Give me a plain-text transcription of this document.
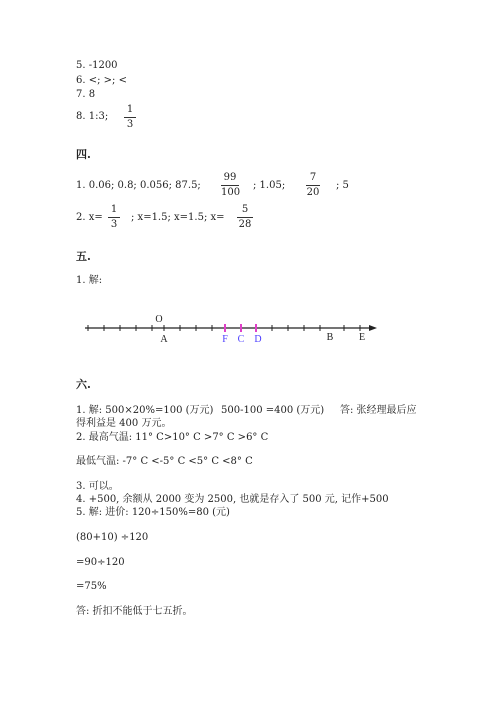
5. -1200
6. <; >; <
7. 8
8. 1:3;
1
3
四.
1. 0.06; 0.8; 0.056; 87.5;
99
100
; 1.05;
7
20
; 5
2. x=
1
3
; x=1.5; x=1.5; x=
5
28
五.
1. 解:
O
A	F C D	B	E
六.
1. 解: 500×20%=100 (万元) 500-100 =400 (万元) 答: 张经理最后应
得利益是 400 万元。
2. 最高气温: 11° C>10° C >7° C >6° C
最低气温: -7° C <-5° C <5° C <8° C
3. 可以。
4. +500, 余额从 2000 变为 2500, 也就是存入了 500 元, 记作+500
5. 解: 进价: 120÷150%=80 (元)
(80+10) ÷120
=90÷120
=75%
答: 折扣不能低于七五折。
